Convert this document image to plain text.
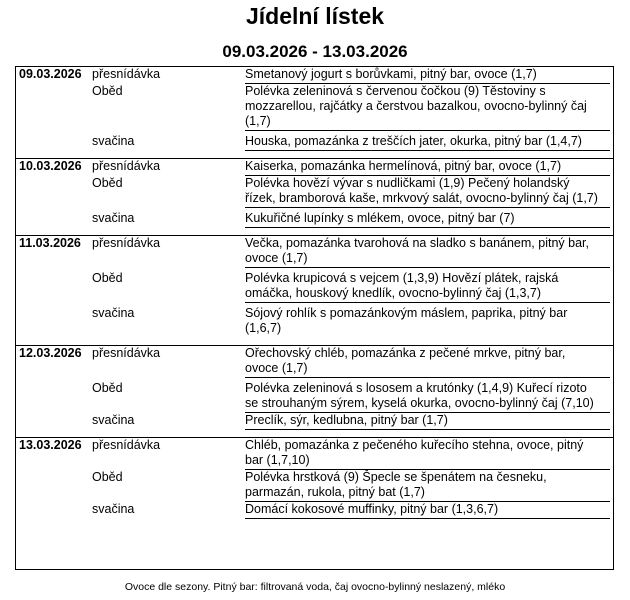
Jídelní lístek
09.03.2026 - 13.03.2026
09.03.2026 přesnídávka	Smetanový jogurt s borůvkami, pitný bar, ovoce (1,7)
Oběd	Polévka zeleninová s červenou čočkou (9) Těstoviny s mozzarellou, rajčátky a čerstvou bazalkou, ovocno-bylinný čaj (1,7)
svačina	Houska, pomazánka z treščích jater, okurka, pitný bar (1,4,7)
10.03.2026 přesnídávka	Kaiserka, pomazánka hermelínová, pitný bar, ovoce (1,7)
Oběd	Polévka hovězí vývar s nudličkami (1,9) Pečený holandský řízek, bramborová kaše, mrkvový salát, ovocno-bylinný čaj (1,7)
svačina	Kukuřičné lupínky s mlékem, ovoce, pitný bar (7)
11.03.2026 přesnídávka	Večka, pomazánka tvarohová na sladko s banánem, pitný bar, ovoce (1,7)
Oběd	Polévka krupicová s vejcem (1,3,9) Hovězí plátek, rajská omáčka, houskový knedlík, ovocno-bylinný čaj (1,3,7)
svačina	Sójový rohlík s pomazánkovým máslem, paprika, pitný bar (1,6,7)
12.03.2026 přesnídávka	Ořechovský chléb, pomazánka z pečené mrkve, pitný bar, ovoce (1,7)
Oběd	Polévka zeleninová s lososem a krutónky (1,4,9) Kuřecí rizoto se strouhaným sýrem, kyselá okurka, ovocno-bylinný čaj (7,10)
svačina	Preclík, sýr, kedlubna, pitný bar (1,7)
13.03.2026 přesnídávka	Chléb, pomazánka z pečeného kuřecího stehna, ovoce, pitný bar (1,7,10)
Oběd	Polévka hrstková (9) Špecle se špenátem na česneku, parmazán, rukola, pitný bat (1,7)
svačina	Domácí kokosové muffinky, pitný bar (1,3,6,7)
Ovoce dle sezony. Pitný bar: filtrovaná voda, čaj ovocno-bylinný neslazený, mléko
